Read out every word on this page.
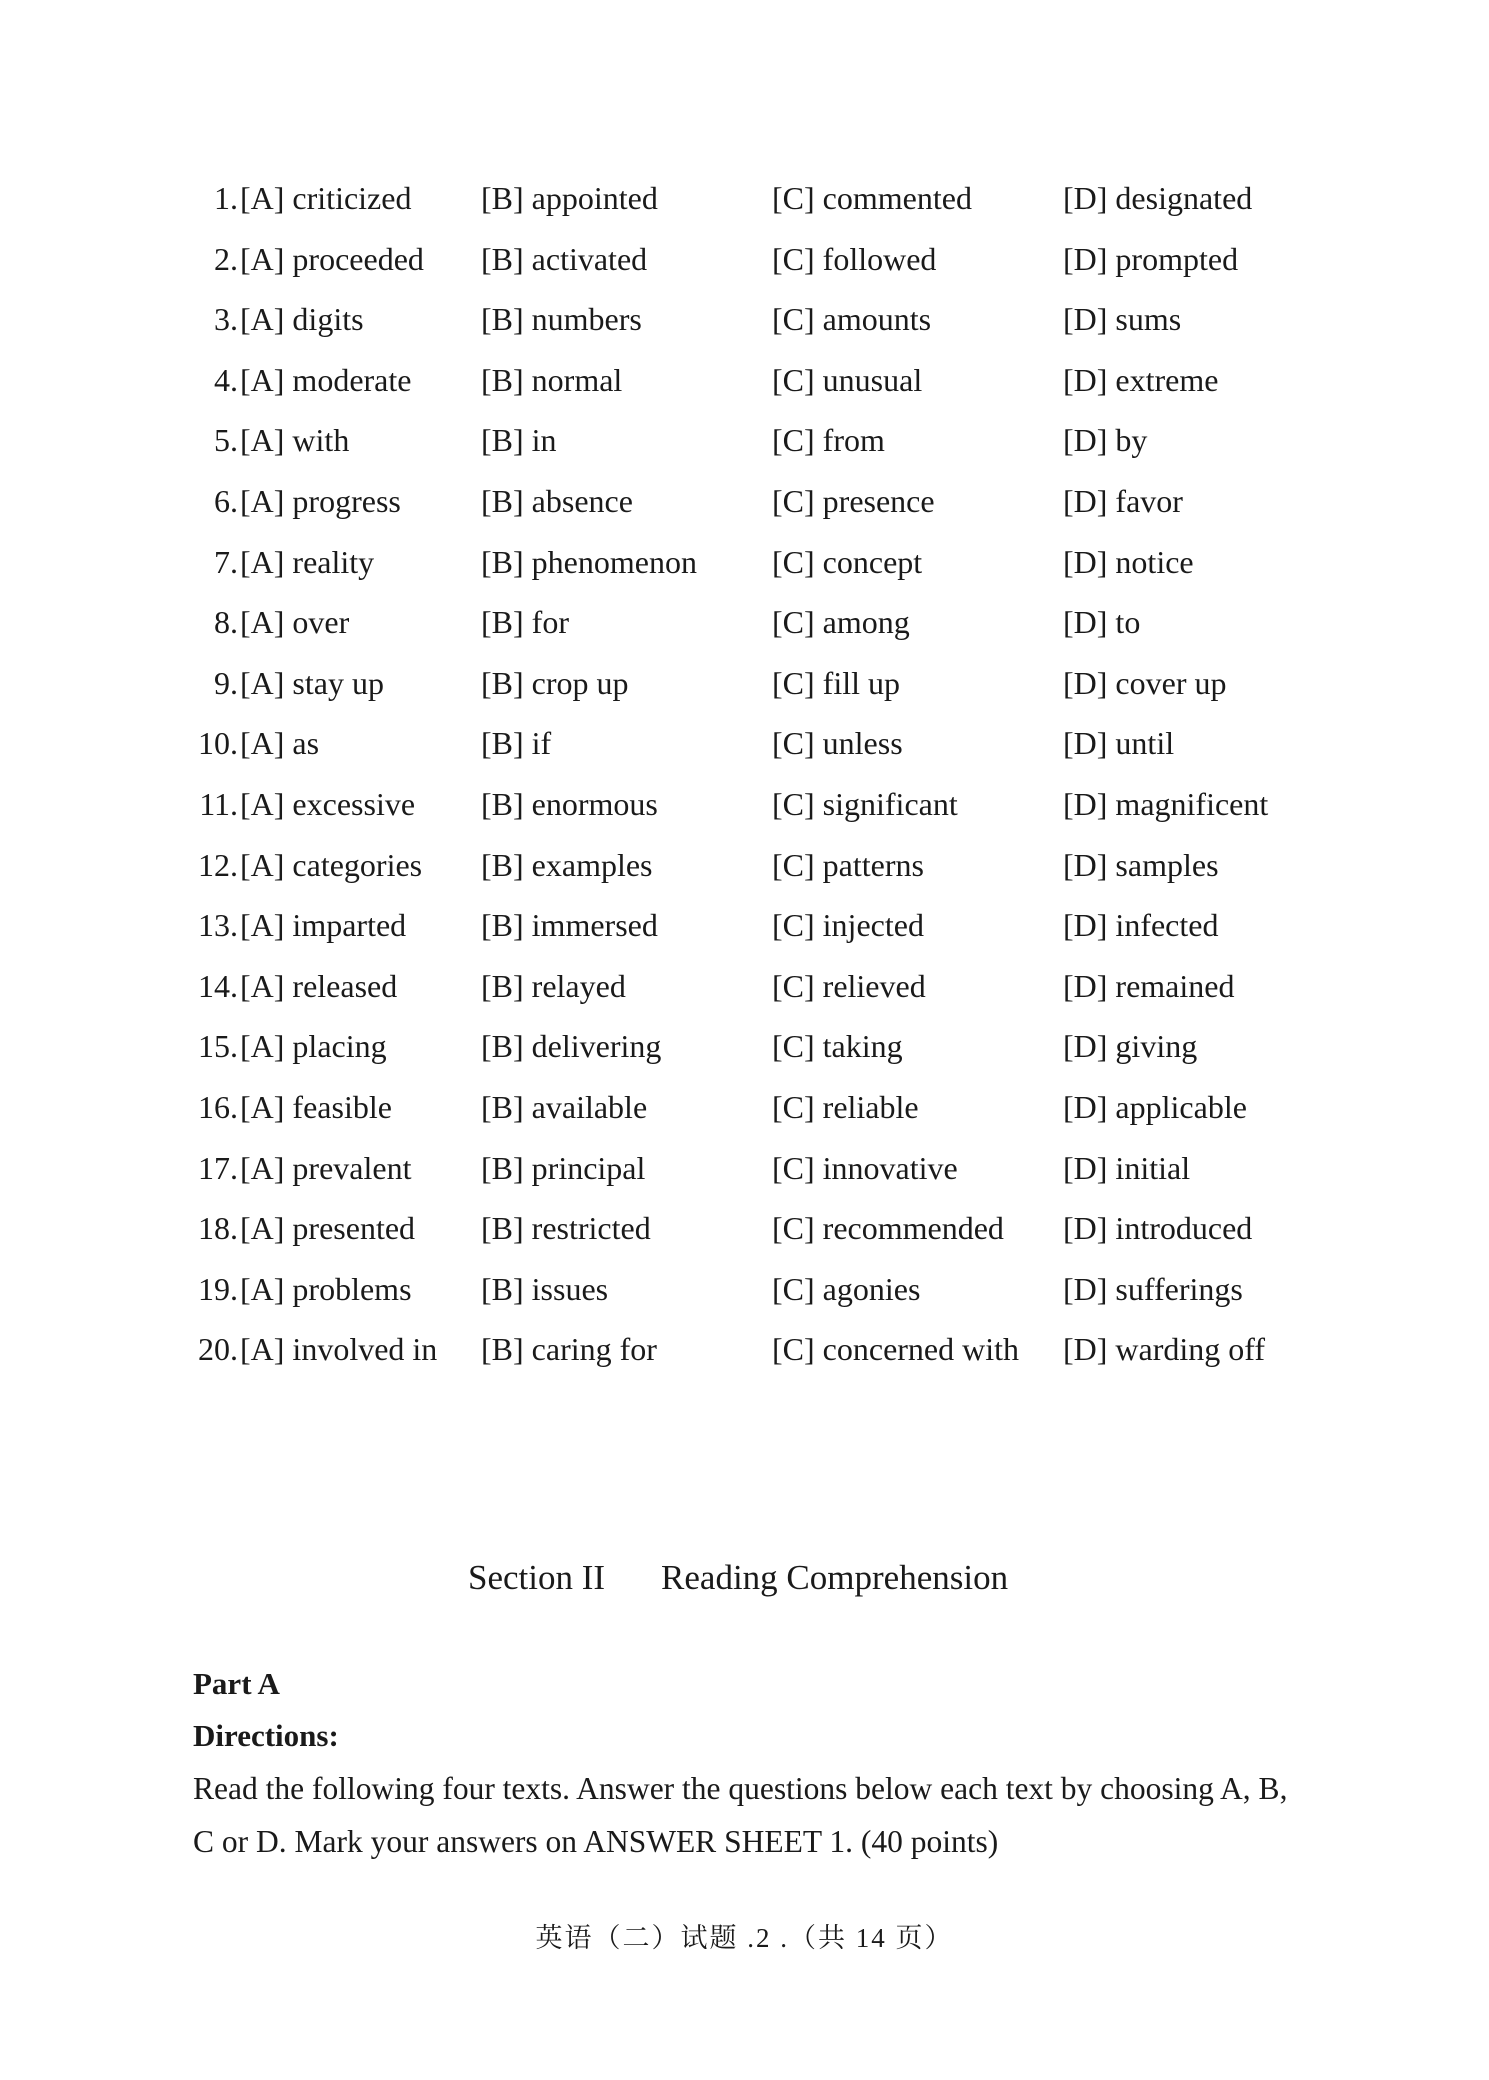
1. [A] criticized [B] appointed	[C] commented	[D] designated
2. [A] proceeded [B] activated	[C] followed	[D] prompted
3. [A] digits	[B] numbers	[C] amounts	[D] sums
4. [A] moderate [B] normal	[C] unusual	[D] extreme
5. [A] with	[B] in	[C] from	[D] by
6. [A] progress	[B] absence	[C] presence	[D] favor
7. [A] reality	[B] phenomenon [C] concept	[D] notice
8. [A] over	[B] for	[C] among	[D] to
9. [A] stay up	[B] crop up	[C] fill up	[D] cover up
10. [A] as	[B] if	[C] unless	[D] until
11. [A] excessive [B] enormous	[C] significant	[D] magnificent
12. [A] categories [B] examples	[C] patterns	[D] samples
13. [A] imparted [B] immersed	[C] injected	[D] infected
14. [A] released	[B] relayed	[C] relieved	[D] remained
15. [A] placing	[B] delivering	[C] taking	[D] giving
16. [A] feasible	[B] available	[C] reliable	[D] applicable
17. [A] prevalent [B] principal	[C] innovative	[D] initial
18. [A] presented [B] restricted	[C] recommended [D] introduced
19. [A] problems [B] issues	[C] agonies	[D] sufferings
20. [A] involved in [B] caring for	[C] concerned with [D] warding off
Section II Reading Comprehension
Part A
Directions:
Read the following four texts. Answer the questions below each text by choosing A, B, C or D. Mark your answers on ANSWER SHEET 1. (40 points)
英语（二）试题 .2 .（共 14 页）
